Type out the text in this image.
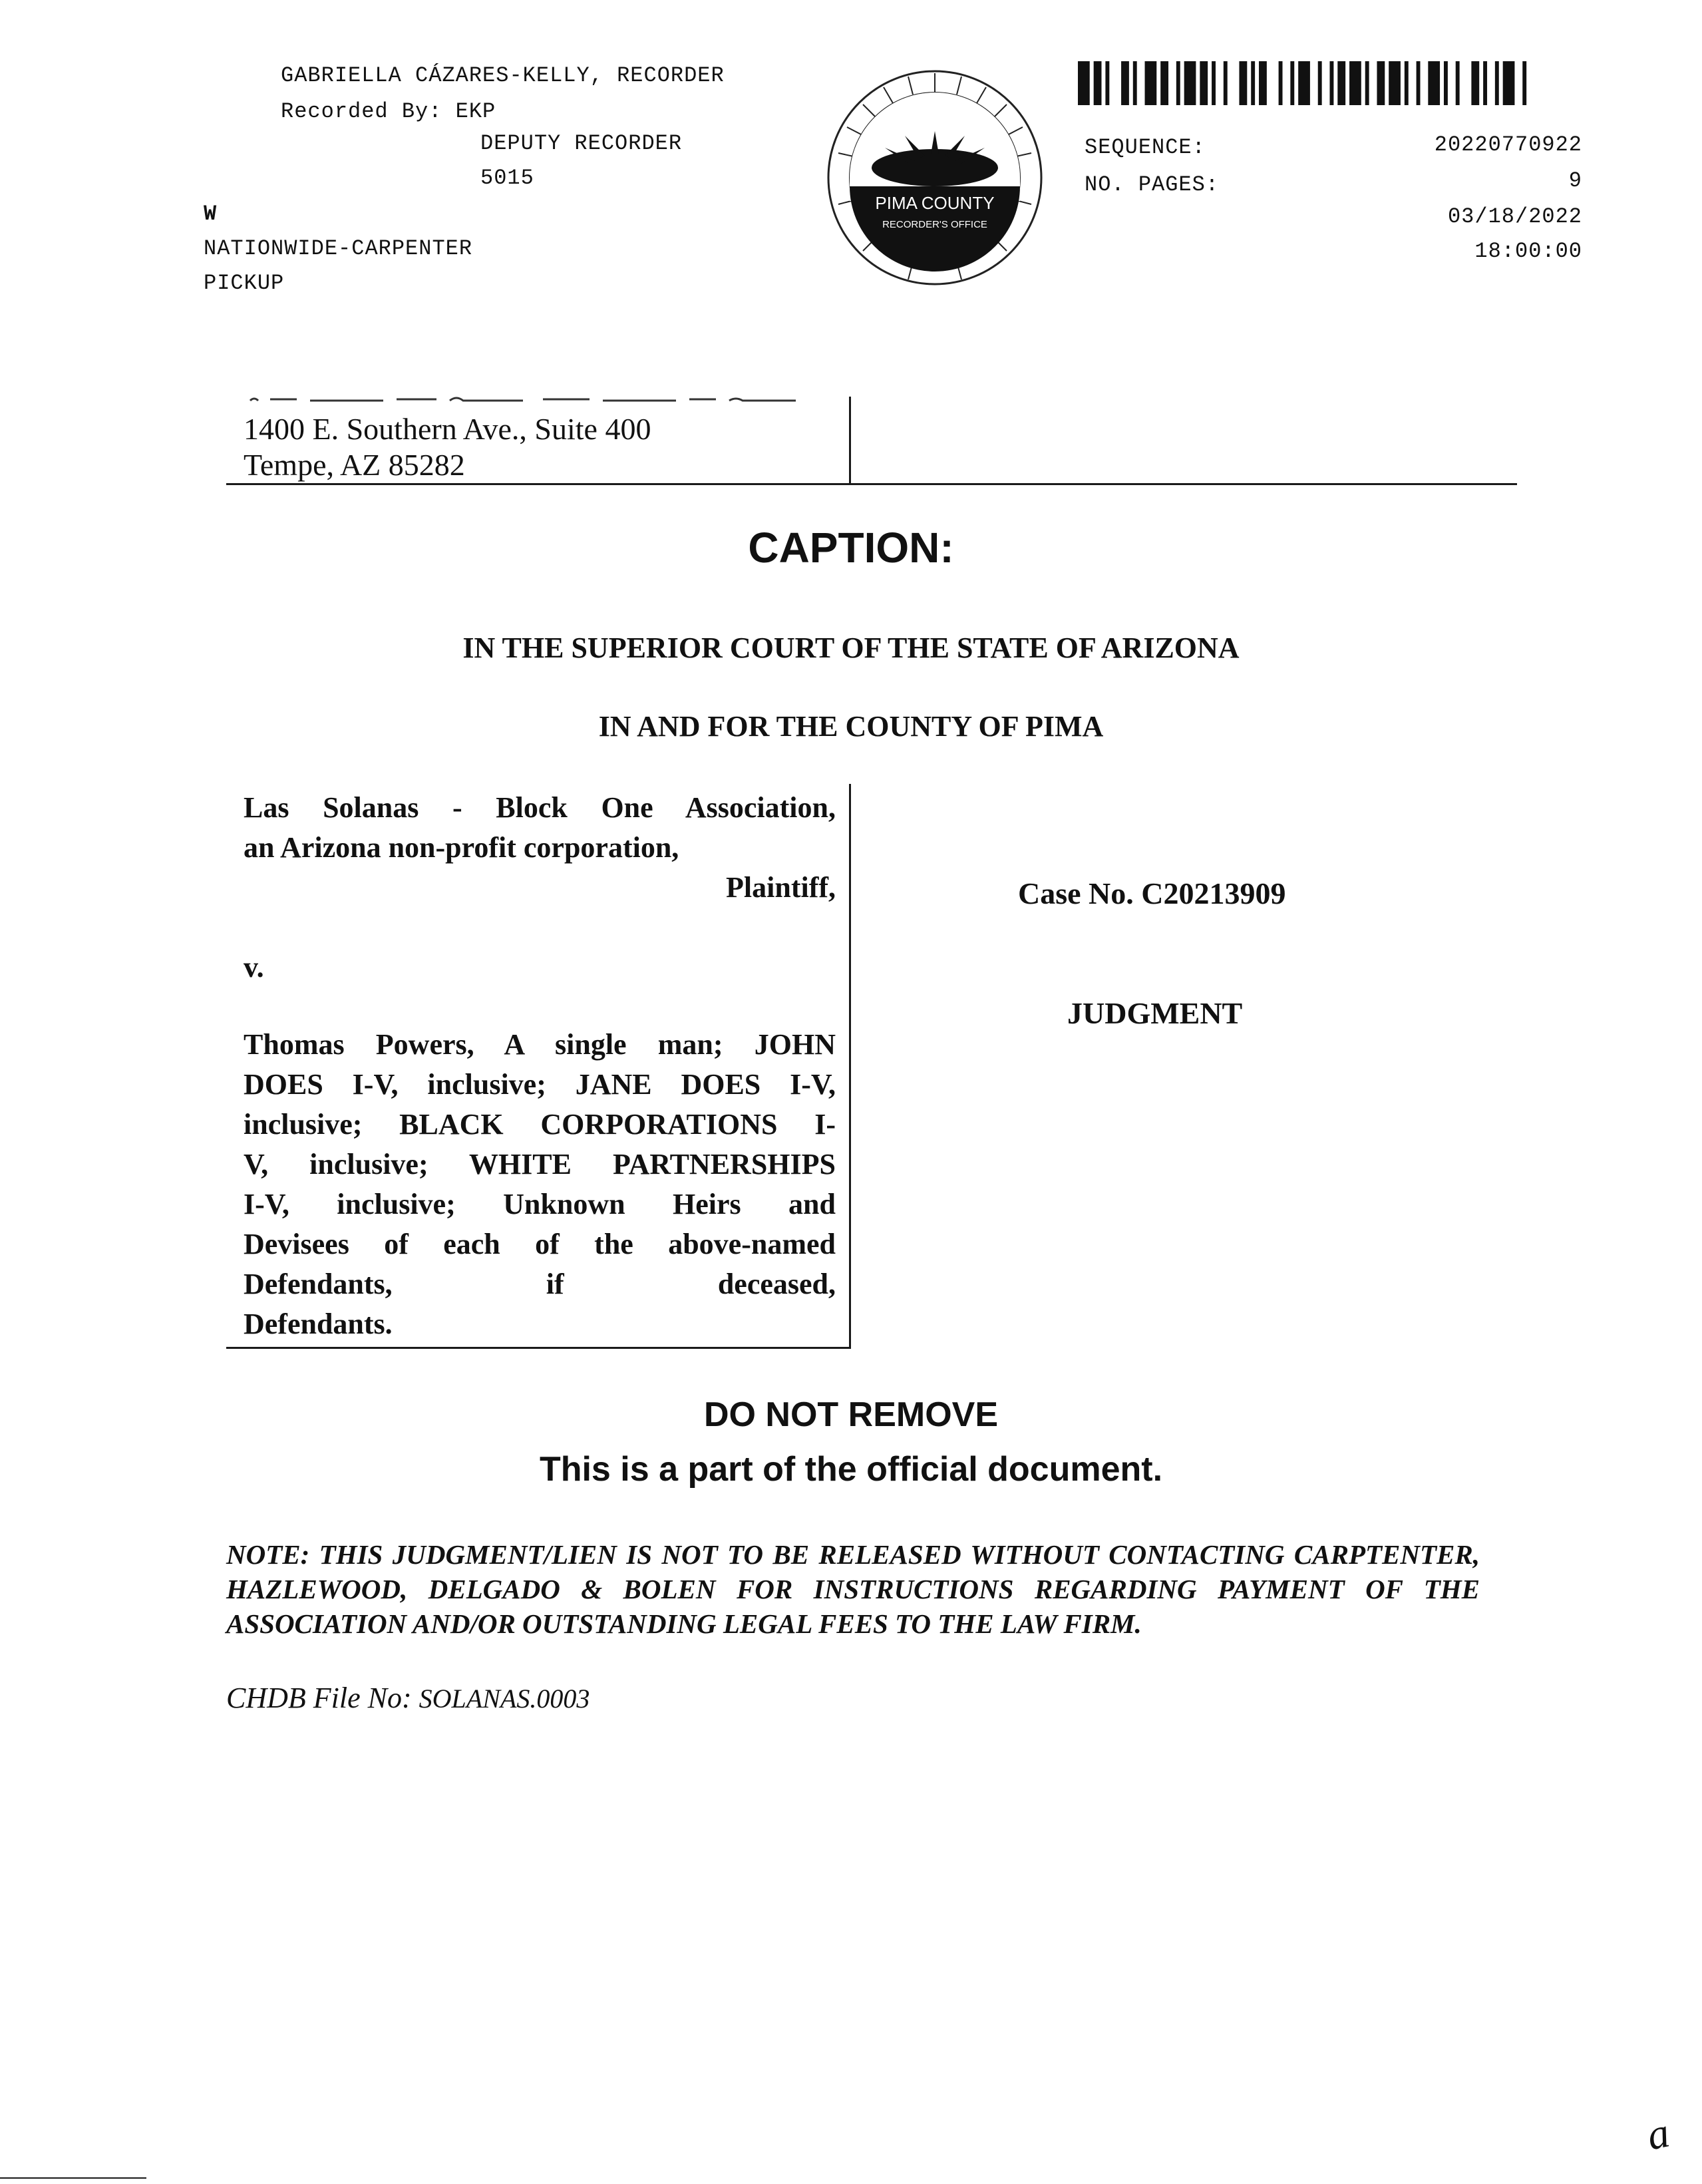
GABRIELLA CÁZARES-KELLY, RECORDER
Recorded By: EKP
DEPUTY RECORDER
5015
W
NATIONWIDE-CARPENTER
PICKUP
PIMA COUNTY
RECORDER'S OFFICE
SEQUENCE:	20220770922
NO. PAGES:	9
03/18/2022
18:00:00
1400 E. Southern Ave., Suite 400
Tempe, AZ 85282
CAPTION:
IN THE SUPERIOR COURT OF THE STATE OF ARIZONA
IN AND FOR THE COUNTY OF PIMA
Las Solanas - Block One Association,
an Arizona non-profit corporation,
Plaintiff,
v.
Thomas Powers, A single man; JOHN
DOES I-V, inclusive; JANE DOES I-V,
inclusive; BLACK CORPORATIONS I-
V, inclusive; WHITE PARTNERSHIPS
I-V, inclusive; Unknown Heirs and
Devisees of each of the above-named
Defendants, if deceased,
Defendants.
Case No. C20213909
JUDGMENT
DO NOT REMOVE
This is a part of the official document.
NOTE: THIS JUDGMENT/LIEN IS NOT TO BE RELEASED WITHOUT CONTACTING CARPTENTER, HAZLEWOOD, DELGADO & BOLEN FOR INSTRUCTIONS REGARDING PAYMENT OF THE ASSOCIATION AND/OR OUTSTANDING LEGAL FEES TO THE LAW FIRM.
CHDB File No: SOLANAS.0003
a
